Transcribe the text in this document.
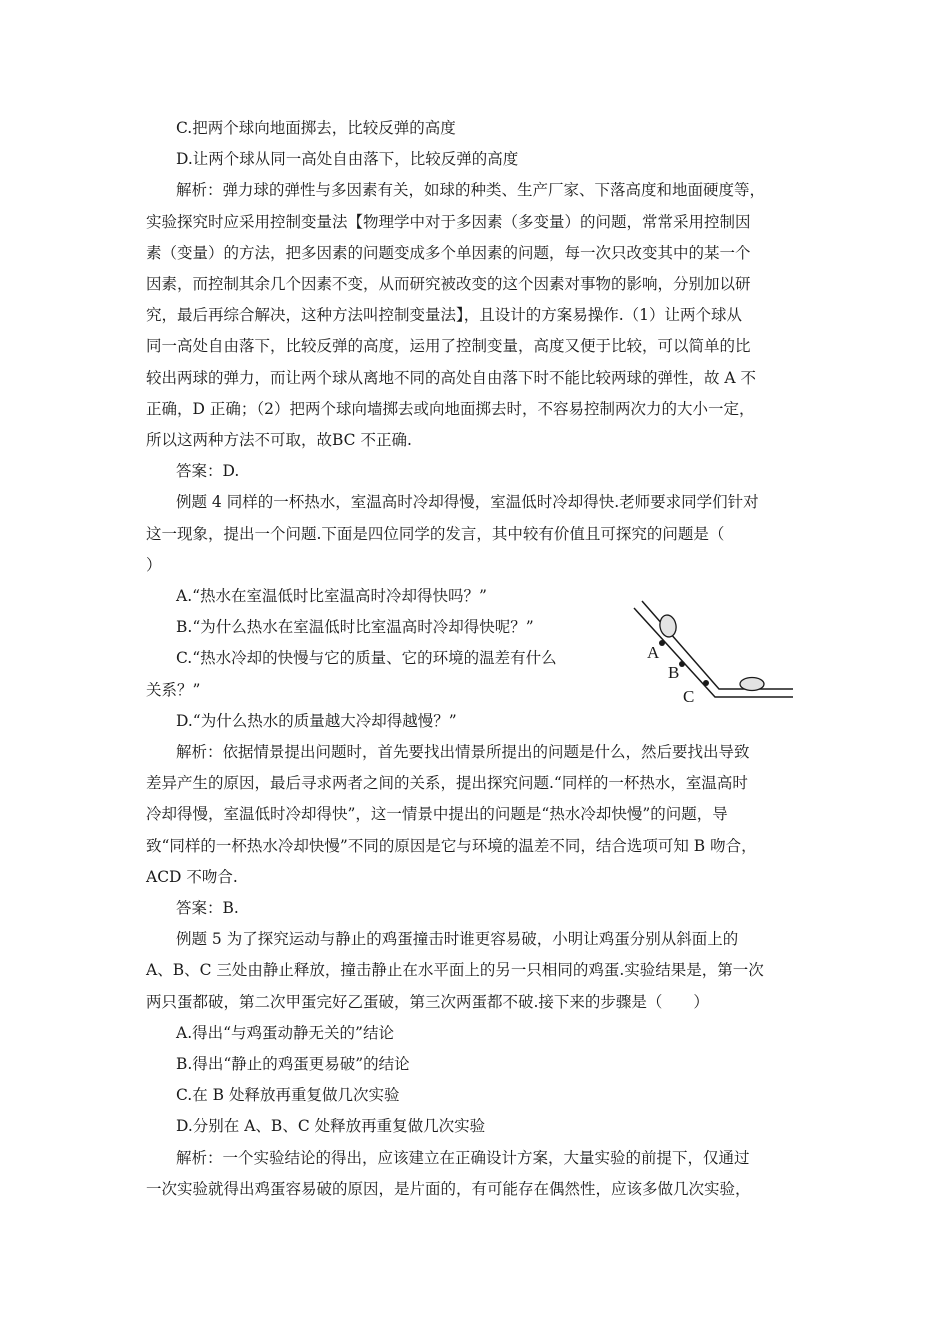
C.把两个球向地面掷去，比较反弹的高度
D.让两个球从同一高处自由落下，比较反弹的高度
解析：弹力球的弹性与多因素有关，如球的种类、生产厂家、下落高度和地面硬度等，
实验探究时应采用控制变量法【物理学中对于多因素（多变量）的问题，常常采用控制因
素（变量）的方法，把多因素的问题变成多个单因素的问题，每一次只改变其中的某一个
因素，而控制其余几个因素不变，从而研究被改变的这个因素对事物的影响，分别加以研
究，最后再综合解决，这种方法叫控制变量法】，且设计的方案易操作.（1）让两个球从
同一高处自由落下，比较反弹的高度，运用了控制变量，高度又便于比较，可以简单的比
较出两球的弹力，而让两个球从离地不同的高处自由落下时不能比较两球的弹性，故 A 不
正确，D 正确；（2）把两个球向墙掷去或向地面掷去时，不容易控制两次力的大小一定，
所以这两种方法不可取，故BC 不正确.
答案：D.
例题 4 同样的一杯热水，室温高时冷却得慢，室温低时冷却得快.老师要求同学们针对
这一现象，提出一个问题.下面是四位同学的发言，其中较有价值且可探究的问题是（
）
A.“热水在室温低时比室温高时冷却得快吗？”
B.“为什么热水在室温低时比室温高时冷却得快呢？”
C.“热水冷却的快慢与它的质量、它的环境的温差有什么
关系？”
D.“为什么热水的质量越大冷却得越慢？”
解析：依据情景提出问题时，首先要找出情景所提出的问题是什么，然后要找出导致
差异产生的原因，最后寻求两者之间的关系，提出探究问题.“同样的一杯热水，室温高时
冷却得慢，室温低时冷却得快”，这一情景中提出的问题是“热水冷却快慢”的问题，导
致“同样的一杯热水冷却快慢”不同的原因是它与环境的温差不同，结合选项可知 B 吻合，
ACD 不吻合.
答案：B.
例题 5 为了探究运动与静止的鸡蛋撞击时谁更容易破，小明让鸡蛋分别从斜面上的
A、B、C 三处由静止释放，撞击静止在水平面上的另一只相同的鸡蛋.实验结果是，第一次
两只蛋都破，第二次甲蛋完好乙蛋破，第三次两蛋都不破.接下来的步骤是（　　）
A.得出“与鸡蛋动静无关的”结论
B.得出“静止的鸡蛋更易破”的结论
C.在 B 处释放再重复做几次实验
D.分别在 A、B、C 处释放再重复做几次实验
解析：一个实验结论的得出，应该建立在正确设计方案，大量实验的前提下，仅通过
一次实验就得出鸡蛋容易破的原因，是片面的，有可能存在偶然性，应该多做几次实验，
A
B
C
